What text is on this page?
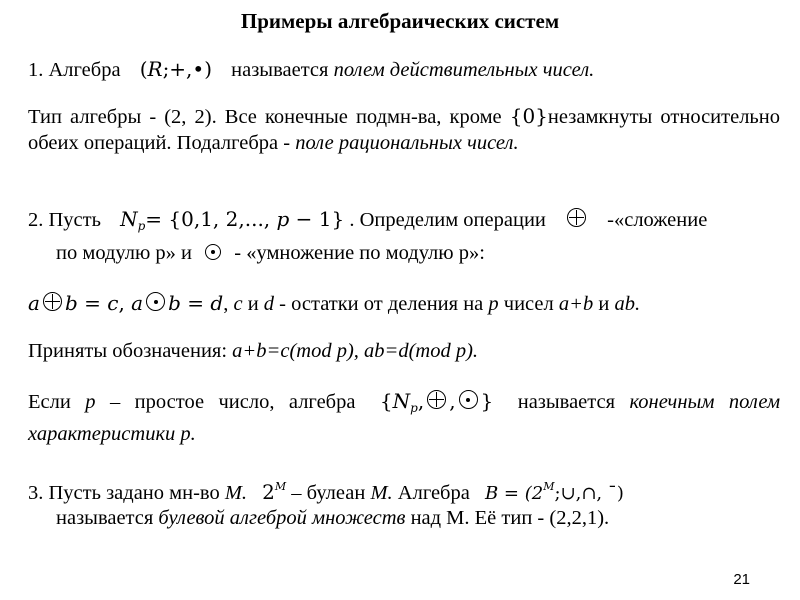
Примеры алгебраических систем
1. Алгебра (R;+,•) называется полем действительных чисел.
Тип алгебры - (2, 2). Все конечные подмн-ва, кроме {0}незамкнуты относительно обеих операций. Подалгебра - поле рациональных чисел.
2. Пусть $N_p= \{0,1$, 2,..., p − 1} . Определим операции	-«сложение
по модулю р» и - «умножение по модулю р»:
a b = c, a b = d, c и d - остатки от деления на p чисел a+b и ab.
Приняты обозначения: a+b=c(mod p), ab=d(mod p).
Если p – простое число, алгебра {$N_p$, , } называется конечным полем характеристики р.
3. Пусть задано мн-во M. $2^M$ – булеан M. Алгебра $B = (2^M;\cup,\cap$, ¯)
называется булевой алгеброй множеств над М. Её тип - (2,2,1).
21
